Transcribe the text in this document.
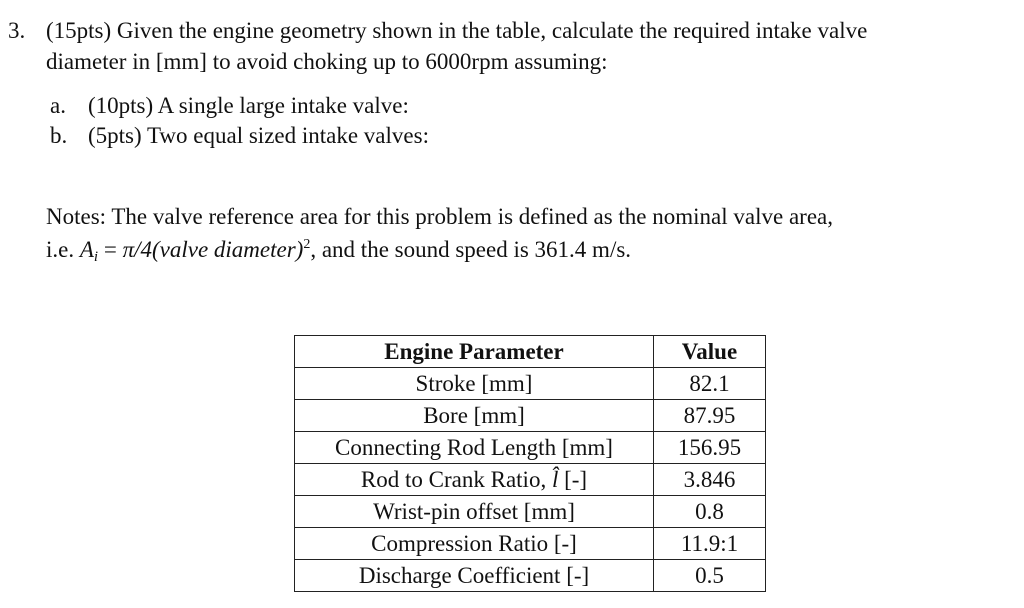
3. (15pts) Given the engine geometry shown in the table, calculate the required intake valve
diameter in [mm] to avoid choking up to 6000rpm assuming:
a. (10pts) A single large intake valve:
b. (5pts) Two equal sized intake valves:
Notes: The valve reference area for this problem is defined as the nominal valve area,
i.e. $A_i$ = π/4(valve diameter)$^2$, and the sound speed is 361.4 m/s.
Engine Parameter	Value
Stroke [mm]	82.1
Bore [mm]	87.95
Connecting Rod Length [mm]	156.95
Rod to Crank Ratio, l̂ [-]	3.846
Wrist-pin offset [mm]	0.8
Compression Ratio [-]	11.9:1
Discharge Coefficient [-]	0.5
